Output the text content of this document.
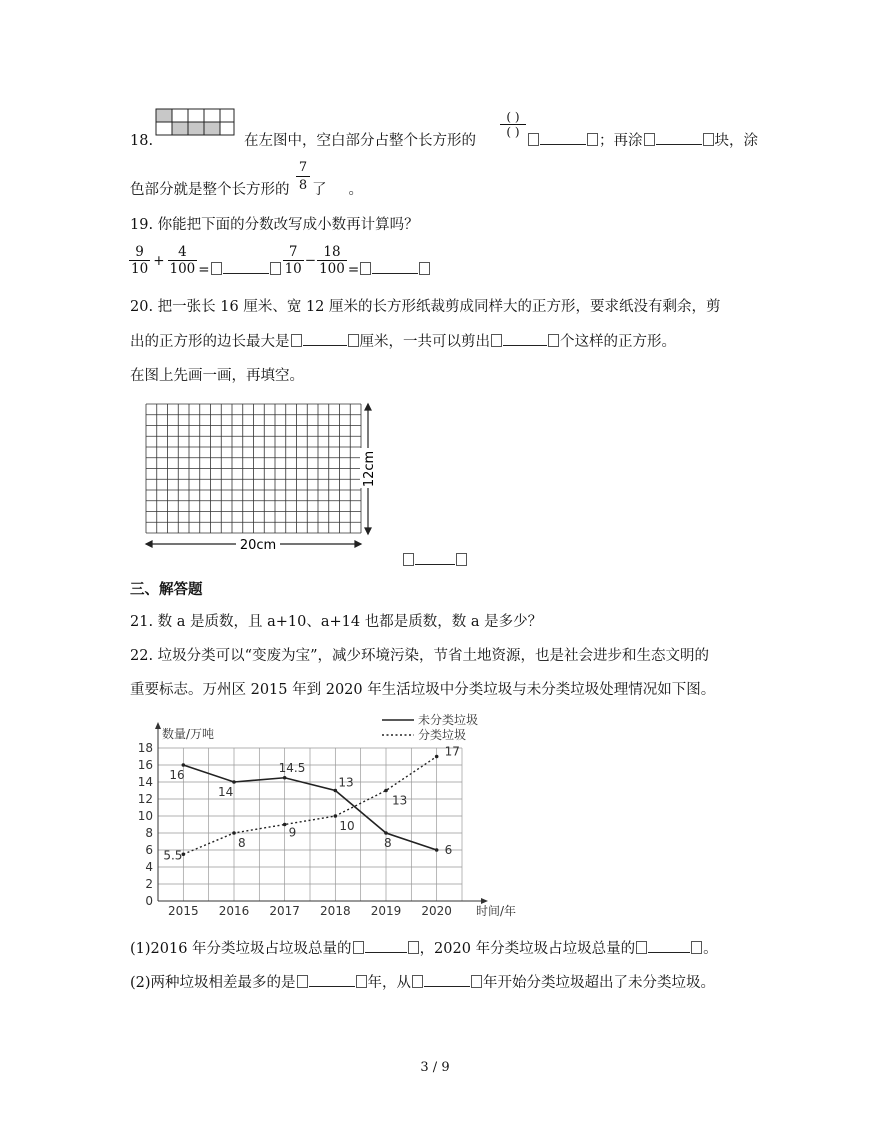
18.	在左图中，空白部分占整个长方形的
( )
( )
；再涂	块，涂
色部分就是整个长方形的 $\frac{7}{8}$ 了 。
19. 你能把下面的分数改写成小数再计算吗？
$\frac{9}{10} + \frac{4}{100}$ =	$\frac{7}{10} - \frac{18}{100}$ =
20. 把一张长 16 厘米、宽 12 厘米的长方形纸裁剪成同样大的正方形，要求纸没有剩余，剪
出的正方形的边长最大是	厘米，一共可以剪出	个这样的正方形。
在图上先画一画，再填空。
20cm
12cm
三、解答题
21. 数 a 是质数，且 a+10、a+14 也都是质数，数 a 是多少？
22. 垃圾分类可以“变废为宝”，减少环境污染，节省土地资源，也是社会进步和生态文明的
重要标志。万州区 2015 年到 2020 年生活垃圾中分类垃圾与未分类垃圾处理情况如下图。
0
2
4
6
8
10
12
14
16
18
2015 2016 2017 2018 2019 2020
数量/万吨
时间/年
16
14
14.5
13
8	6
5.5
8
9	10
13
17
未分类垃圾
分类垃圾
(1)2016 年分类垃圾占垃圾总量的	，2020 年分类垃圾占垃圾总量的	。
(2)两种垃圾相差最多的是	年，从	年开始分类垃圾超出了未分类垃圾。
3 / 9
